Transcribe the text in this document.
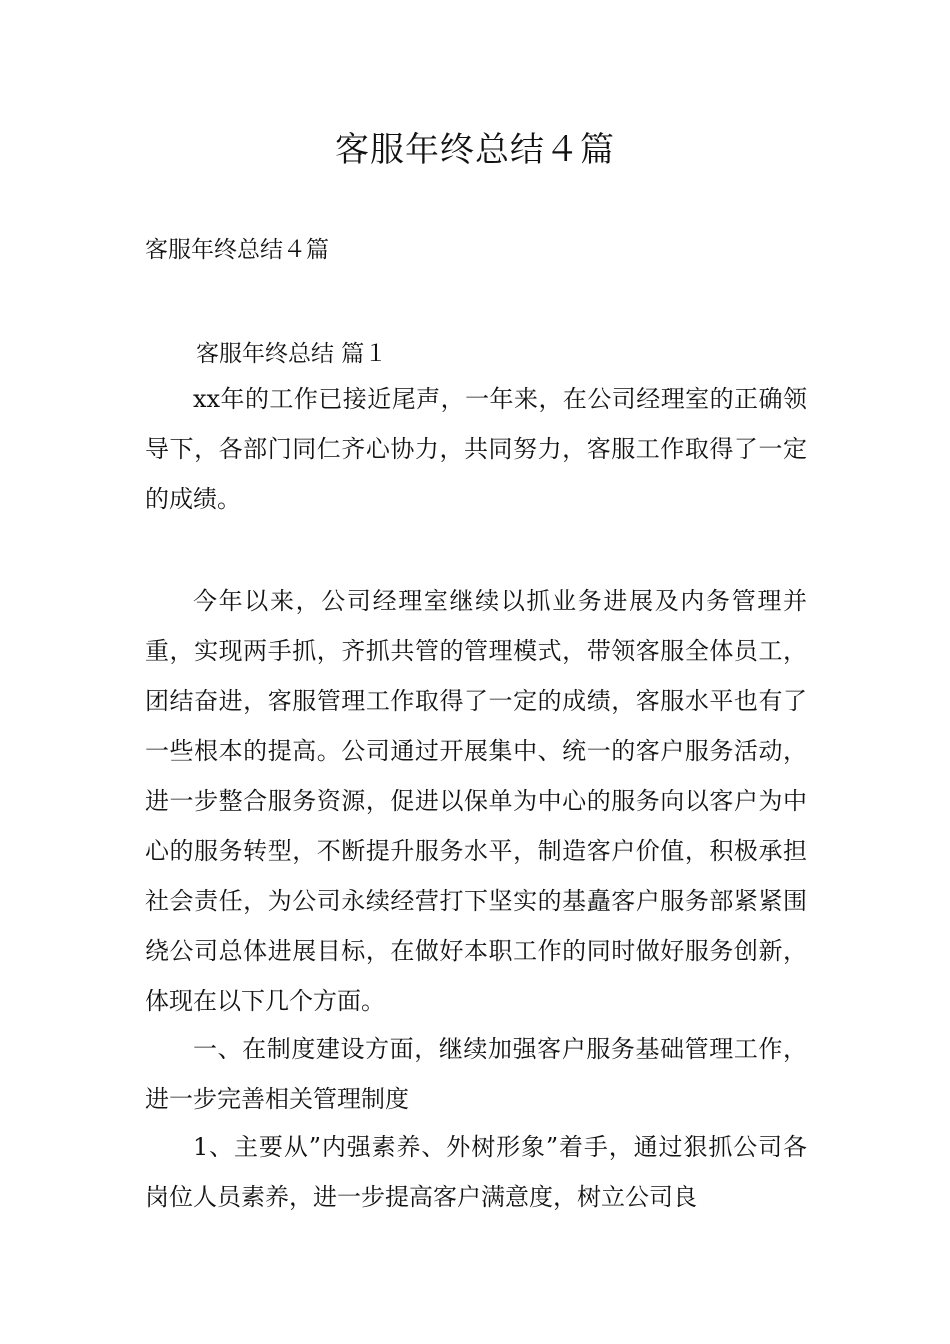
客服年终总结４篇

客服年终总结４篇

客服年终总结 篇１

xx年的工作已接近尾声，一年来，在公司经理室的正确领导下，各部门同仁齐心协力，共同努力，客服工作取得了一定的成绩。

今年以来，公司经理室继续以抓业务进展及内务管理并重，实现两手抓，齐抓共管的管理模式，带领客服全体员工，团结奋进，客服管理工作取得了一定的成绩，客服水平也有了一些根本的提高。公司通过开展集中、统一的客户服务活动，进一步整合服务资源，促进以保单为中心的服务向以客户为中心的服务转型，不断提升服务水平，制造客户价值，积极承担社会责任，为公司永续经营打下坚实的基矗客户服务部紧紧围绕公司总体进展目标，在做好本职工作的同时做好服务创新，体现在以下几个方面。

一、在制度建设方面，继续加强客户服务基础管理工作，进一步完善相关管理制度

1、主要从”内强素养、外树形象”着手，通过狠抓公司各岗位人员素养，进一步提高客户满意度，树立公司良
